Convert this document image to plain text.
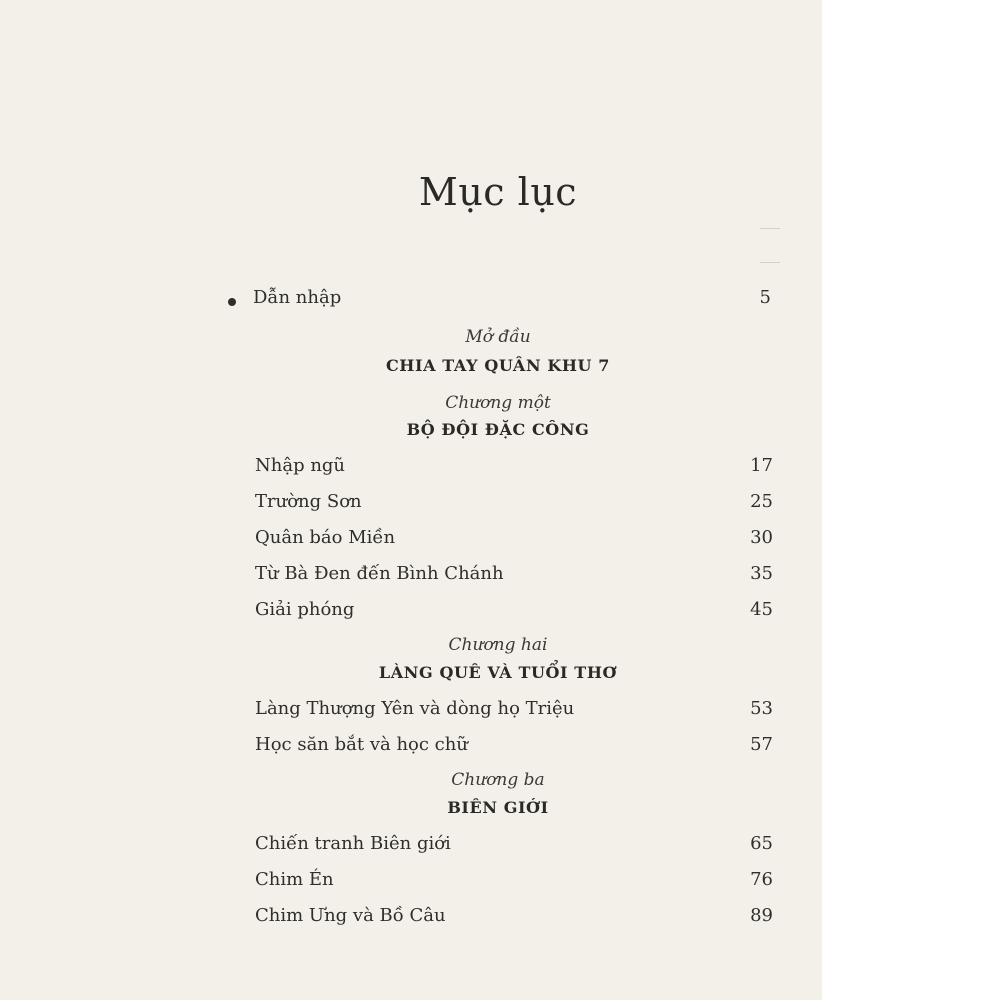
Mục lục
Dẫn nhập	5
Mở đầu
CHIA TAY QUÂN KHU 7
Chương một
BỘ ĐỘI ĐẶC CÔNG
Nhập ngũ	17
Trường Sơn	25
Quân báo Miền	30
Từ Bà Đen đến Bình Chánh	35
Giải phóng	45
Chương hai
LÀNG QUÊ VÀ TUỔI THƠ
Làng Thượng Yên và dòng họ Triệu	53
Học săn bắt và học chữ	57
Chương ba
BIÊN GIỚI
Chiến tranh Biên giới	65
Chim Én	76
Chim Ưng và Bồ Câu	89
